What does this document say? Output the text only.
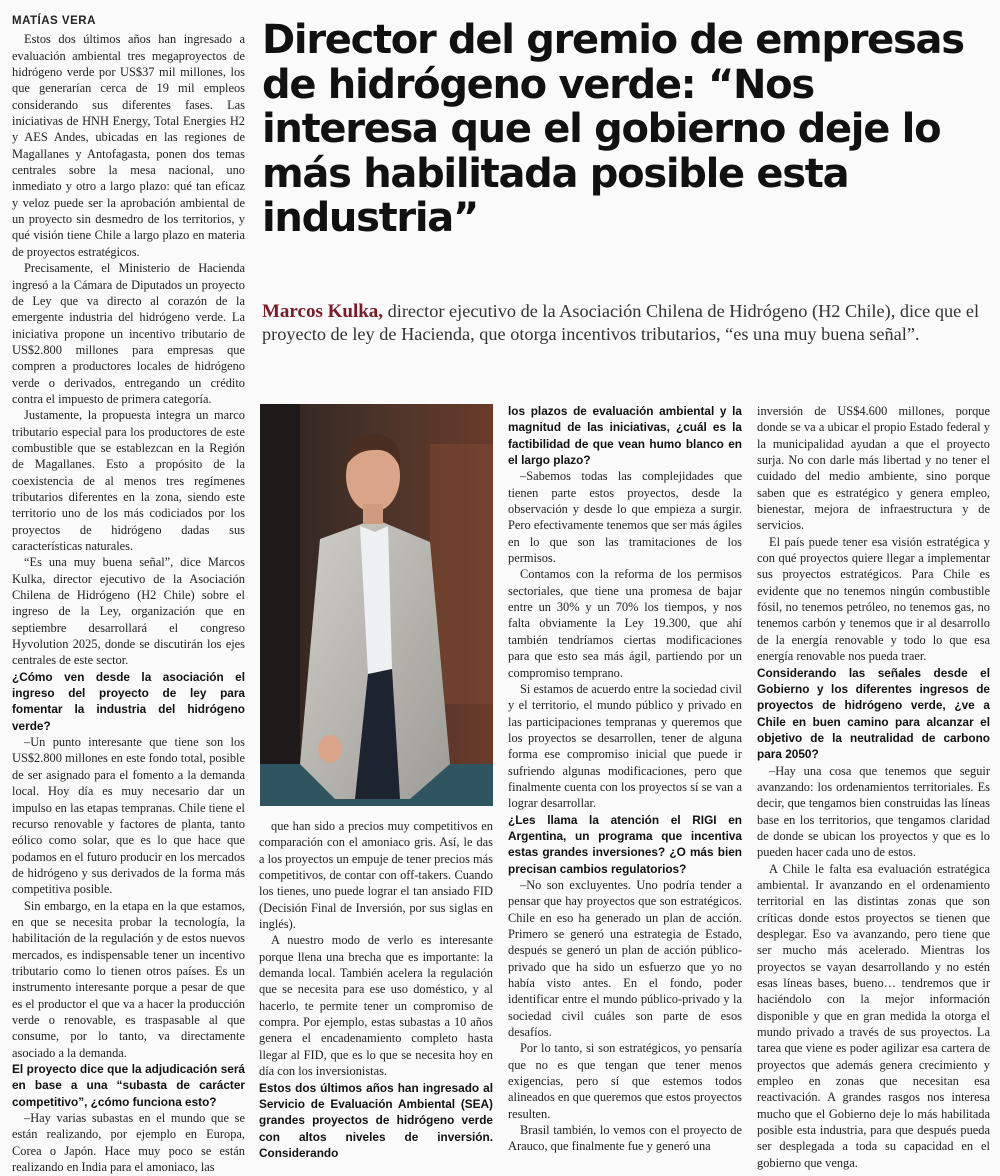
Director del gremio de empresas de hidrógeno verde: “Nos interesa que el gobierno deje lo más habilitada posible esta industria”
Marcos Kulka, director ejecutivo de la Asociación Chilena de Hidrógeno (H2 Chile), dice que el proyecto de ley de Hacienda, que otorga incentivos tributarios, “es una muy buena señal”.

MATÍAS VERA

Estos dos últimos años han ingresado a evaluación ambiental tres megaproyectos de hidrógeno verde por US$37 mil millones, los que generarían cerca de 19 mil empleos considerando sus diferentes fases. Las iniciativas de HNH Energy, Total Energies H2 y AES Andes, ubicadas en las regiones de Magallanes y Antofagasta, ponen dos temas centrales sobre la mesa nacional, uno inmediato y otro a largo plazo: qué tan eficaz y veloz puede ser la aprobación ambiental de un proyecto sin desmedro de los territorios, y qué visión tiene Chile a largo plazo en materia de proyectos estratégicos.

Precisamente, el Ministerio de Hacienda ingresó a la Cámara de Diputados un proyecto de Ley que va directo al corazón de la emergente industria del hidrógeno verde. La iniciativa propone un incentivo tributario de US$2.800 millones para empresas que compren a productores locales de hidrógeno verde o derivados, entregando un crédito contra el impuesto de primera categoría.

Justamente, la propuesta integra un marco tributario especial para los productores de este combustible que se establezcan en la Región de Magallanes. Esto a propósito de la coexistencia de al menos tres regímenes tributarios diferentes en la zona, siendo este territorio uno de los más codiciados por los proyectos de hidrógeno dadas sus características naturales.

“Es una muy buena señal”, dice Marcos Kulka, director ejecutivo de la Asociación Chilena de Hidrógeno (H2 Chile) sobre el ingreso de la Ley, organización que en septiembre desarrollará el congreso Hyvolution 2025, donde se discutirán los ejes centrales de este sector.

¿Cómo ven desde la asociación el ingreso del proyecto de ley para fomentar la industria del hidrógeno verde?

–Un punto interesante que tiene son los US$2.800 millones en este fondo total, posible de ser asignado para el fomento a la demanda local. Hoy día es muy necesario dar un impulso en las etapas tempranas. Chile tiene el recurso renovable y factores de planta, tanto eólico como solar, que es lo que hace que podamos en el futuro producir en los mercados de hidrógeno y sus derivados de la forma más competitiva posible.

Sin embargo, en la etapa en la que estamos, en que se necesita probar la tecnología, la habilitación de la regulación y de estos nuevos mercados, es indispensable tener un incentivo tributario como lo tienen otros países. Es un instrumento interesante porque a pesar de que es el productor el que va a hacer la producción verde o renovable, es traspasable al que consume, por lo tanto, va directamente asociado a la demanda.

El proyecto dice que la adjudicación será en base a una “subasta de carácter competitivo”, ¿cómo funciona esto?

–Hay varias subastas en el mundo que se están realizando, por ejemplo en Europa, Corea o Japón. Hace muy poco se están realizando en India para el amoniaco, las

que han sido a precios muy competitivos en comparación con el amoniaco gris. Así, le das a los proyectos un empuje de tener precios más competitivos, de contar con off-takers. Cuando los tienes, uno puede lograr el tan ansiado FID (Decisión Final de Inversión, por sus siglas en inglés).

A nuestro modo de verlo es interesante porque llena una brecha que es importante: la demanda local. También acelera la regulación que se necesita para ese uso doméstico, y al hacerlo, te permite tener un compromiso de compra. Por ejemplo, estas subastas a 10 años genera el encadenamiento completo hasta llegar al FID, que es lo que se necesita hoy en día con los inversionistas.

Estos dos últimos años han ingresado al Servicio de Evaluación Ambiental (SEA) grandes proyectos de hidrógeno verde con altos niveles de inversión. Considerando

los plazos de evaluación ambiental y la magnitud de las iniciativas, ¿cuál es la factibilidad de que vean humo blanco en el largo plazo?

–Sabemos todas las complejidades que tienen parte estos proyectos, desde la observación y desde lo que empieza a surgir. Pero efectivamente tenemos que ser más ágiles en lo que son las tramitaciones de los permisos.

Contamos con la reforma de los permisos sectoriales, que tiene una promesa de bajar entre un 30% y un 70% los tiempos, y nos falta obviamente la Ley 19.300, que ahí también tendríamos ciertas modificaciones para que esto sea más ágil, partiendo por un compromiso temprano.

Si estamos de acuerdo entre la sociedad civil y el territorio, el mundo público y privado en las participaciones tempranas y queremos que los proyectos se desarrollen, tener de alguna forma ese compromiso inicial que puede ir sufriendo algunas modificaciones, pero que finalmente cuenta con los proyectos sí se van a lograr desarrollar.

¿Les llama la atención el RIGI en Argentina, un programa que incentiva estas grandes inversiones? ¿O más bien precisan cambios regulatorios?

–No son excluyentes. Uno podría tender a pensar que hay proyectos que son estratégicos. Chile en eso ha generado un plan de acción. Primero se generó una estrategia de Estado, después se generó un plan de acción público-privado que ha sido un esfuerzo que yo no había visto antes. En el fondo, poder identificar entre el mundo público-privado y la sociedad civil cuáles son parte de esos desafíos.

Por lo tanto, si son estratégicos, yo pensaría que no es que tengan que tener menos exigencias, pero sí que estemos todos alineados en que queremos que estos proyectos resulten.

Brasil también, lo vemos con el proyecto de Arauco, que finalmente fue y generó una

inversión de US$4.600 millones, porque donde se va a ubicar el propio Estado federal y la municipalidad ayudan a que el proyecto surja. No con darle más libertad y no tener el cuidado del medio ambiente, sino porque saben que es estratégico y genera empleo, bienestar, mejora de infraestructura y de servicios.

El país puede tener esa visión estratégica y con qué proyectos quiere llegar a implementar sus proyectos estratégicos. Para Chile es evidente que no tenemos ningún combustible fósil, no tenemos petróleo, no tenemos gas, no tenemos carbón y tenemos que ir al desarrollo de la energía renovable y todo lo que esa energía renovable nos pueda traer.

Considerando las señales desde el Gobierno y los diferentes ingresos de proyectos de hidrógeno verde, ¿ve a Chile en buen camino para alcanzar el objetivo de la neutralidad de carbono para 2050?

–Hay una cosa que tenemos que seguir avanzando: los ordenamientos territoriales. Es decir, que tengamos bien construidas las líneas base en los territorios, que tengamos claridad de donde se ubican los proyectos y que es lo pueden hacer cada uno de estos.

A Chile le falta esa evaluación estratégica ambiental. Ir avanzando en el ordenamiento territorial en las distintas zonas que son críticas donde estos proyectos se tienen que desplegar. Eso va avanzando, pero tiene que ser mucho más acelerado. Mientras los proyectos se vayan desarrollando y no estén esas líneas bases, bueno… tendremos que ir haciéndolo con la mejor información disponible y que en gran medida la otorga el mundo privado a través de sus proyectos. La tarea que viene es poder agilizar esa cartera de proyectos que además genera crecimiento y empleo en zonas que necesitan esa reactivación. A grandes rasgos nos interesa mucho que el Gobierno deje lo más habilitada posible esta industria, para que después pueda ser desplegada a toda su capacidad en el gobierno que venga.
